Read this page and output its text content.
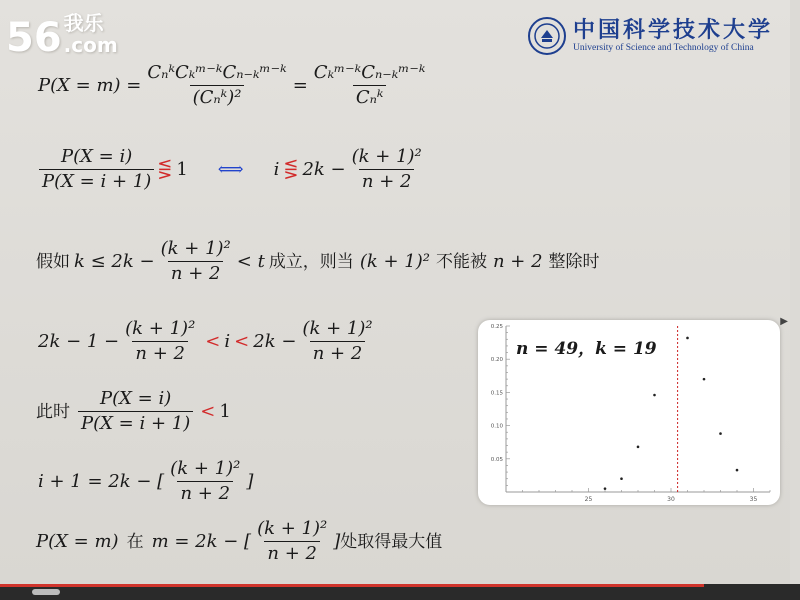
56 我乐
.com
中国科学技术大学
University of Science and Technology of China
$P(X = m) = \frac{\text{CₙᵏCₖᵐ⁻ᵏCₙ₋ₖᵐ⁻ᵏ}}{\text{(Cₙᵏ)²}} = \frac{\text{Cₖᵐ⁻ᵏCₙ₋ₖᵐ⁻ᵏ}}{\text{Cₙᵏ}}$
$\frac{P(X = i)}{P(X = i + 1)}$ ⋚ 1 ⟺ i ⋚ $2k - \frac{\text{(k + 1)²}}{n + 2}$
假如 $k \le 2k - \frac{\text{(k + 1)²}}{n + 2} < t$ 成立，则当 (k + 1)² 不能被 n + 2 整除时
$2k - 1 - \frac{\text{(k + 1)²}}{n + 2} < i < 2k - \frac{\text{(k + 1)²}}{n + 2}$
此时 $\frac{P(X = i)}{P(X = i + 1)} < 1$
i + 1 = 2k − [ $\frac{\text{(k + 1)²}}{n + 2}$ ]
P(X = m) 在 m = 2k − [ $\frac{\text{(k + 1)²}}{n + 2}$ ] 处取得最大值
25	30	35
0.05
0.10
0.15
0.20
0.25
n = 49，k = 19
▶
